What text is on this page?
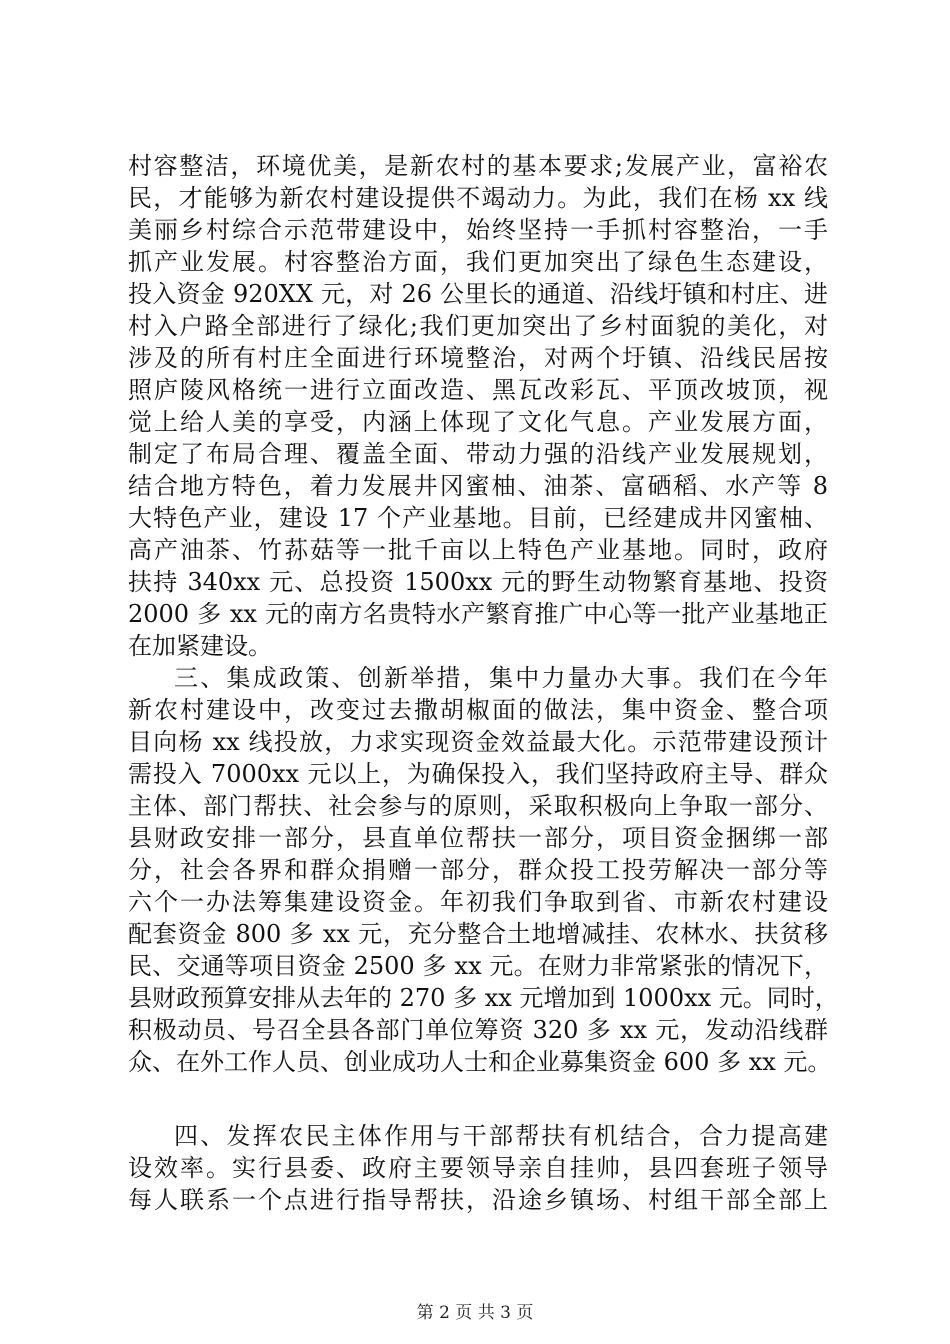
村容整洁，环境优美，是新农村的基本要求;发展产业，富裕农
民，才能够为新农村建设提供不竭动力。为此，我们在杨 xx 线
美丽乡村综合示范带建设中，始终坚持一手抓村容整治，一手
抓产业发展。村容整治方面，我们更加突出了绿色生态建设，
投入资金 920XX 元，对 26 公里长的通道、沿线圩镇和村庄、进
村入户路全部进行了绿化;我们更加突出了乡村面貌的美化，对
涉及的所有村庄全面进行环境整治，对两个圩镇、沿线民居按
照庐陵风格统一进行立面改造、黑瓦改彩瓦、平顶改坡顶，视
觉上给人美的享受，内涵上体现了文化气息。产业发展方面，
制定了布局合理、覆盖全面、带动力强的沿线产业发展规划，
结合地方特色，着力发展井冈蜜柚、油茶、富硒稻、水产等 8
大特色产业，建设 17 个产业基地。目前，已经建成井冈蜜柚、
高产油茶、竹荪菇等一批千亩以上特色产业基地。同时，政府
扶持 340xx 元、总投资 1500xx 元的野生动物繁育基地、投资
2000 多 xx 元的南方名贵特水产繁育推广中心等一批产业基地正
在加紧建设。
三、集成政策、创新举措，集中力量办大事。我们在今年
新农村建设中，改变过去撒胡椒面的做法，集中资金、整合项
目向杨 xx 线投放，力求实现资金效益最大化。示范带建设预计
需投入 7000xx 元以上，为确保投入，我们坚持政府主导、群众
主体、部门帮扶、社会参与的原则，采取积极向上争取一部分、
县财政安排一部分，县直单位帮扶一部分，项目资金捆绑一部
分，社会各界和群众捐赠一部分，群众投工投劳解决一部分等
六个一办法筹集建设资金。年初我们争取到省、市新农村建设
配套资金 800 多 xx 元，充分整合土地增减挂、农林水、扶贫移
民、交通等项目资金 2500 多 xx 元。在财力非常紧张的情况下，
县财政预算安排从去年的 270 多 xx 元增加到 1000xx 元。同时，
积极动员、号召全县各部门单位筹资 320 多 xx 元，发动沿线群
众、在外工作人员、创业成功人士和企业募集资金 600 多 xx 元。
四、发挥农民主体作用与干部帮扶有机结合，合力提高建
设效率。实行县委、政府主要领导亲自挂帅，县四套班子领导
每人联系一个点进行指导帮扶，沿途乡镇场、村组干部全部上
第 2 页 共 3 页
